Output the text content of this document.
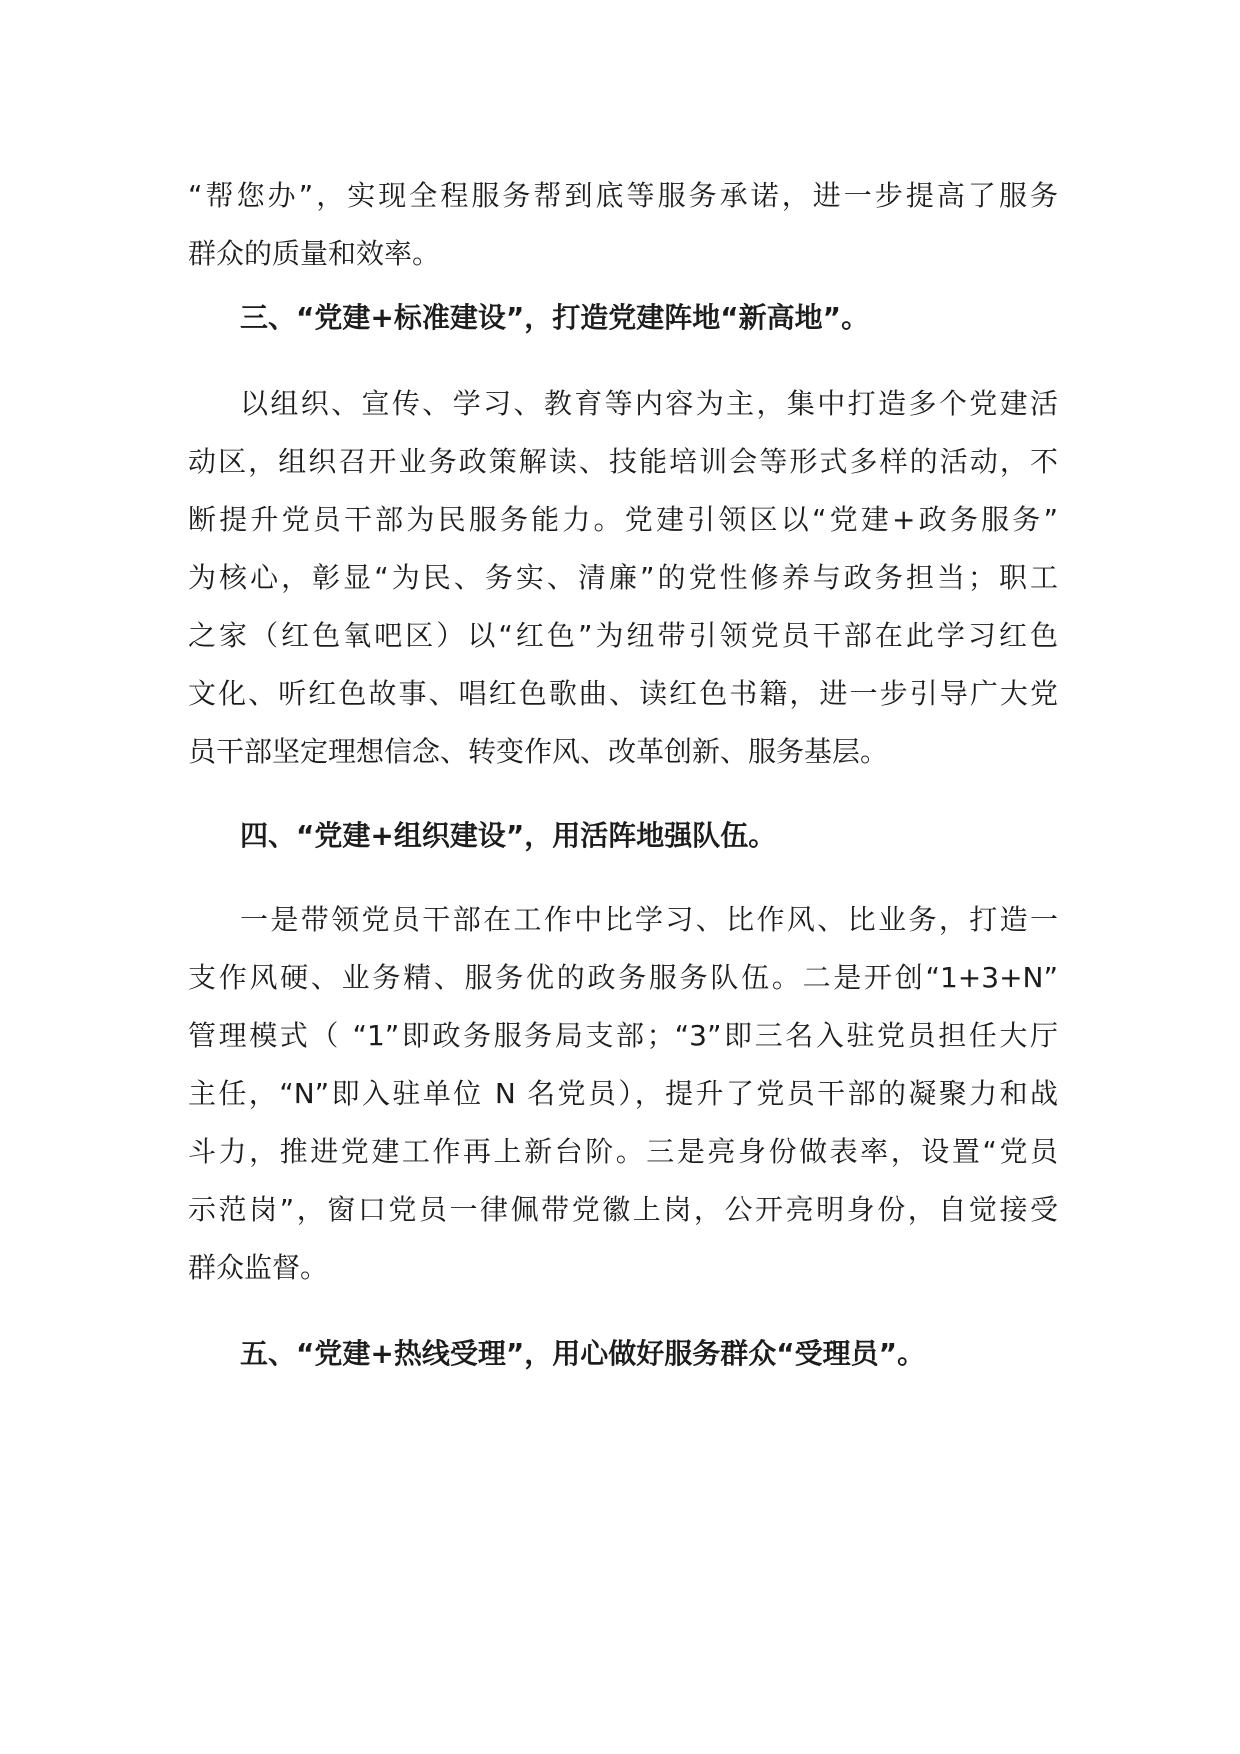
“帮您办”，实现全程服务帮到底等服务承诺，进一步提高了服务
群众的质量和效率。
三、“党建+标准建设”，打造党建阵地“新高地”。
以组织、宣传、学习、教育等内容为主，集中打造多个党建活
动区，组织召开业务政策解读、技能培训会等形式多样的活动，不
断提升党员干部为民服务能力。党建引领区以“党建+政务服务”
为核心，彰显“为民、务实、清廉”的党性修养与政务担当；职工
之家（红色氧吧区）以“红色”为纽带引领党员干部在此学习红色
文化、听红色故事、唱红色歌曲、读红色书籍，进一步引导广大党
员干部坚定理想信念、转变作风、改革创新、服务基层。
四、“党建+组织建设”，用活阵地强队伍。
一是带领党员干部在工作中比学习、比作风、比业务，打造一
支作风硬、业务精、服务优的政务服务队伍。二是开创“1+3+N”
管理模式（ “1”即政务服务局支部；“3”即三名入驻党员担任大厅
主任，“N”即入驻单位 N 名党员），提升了党员干部的凝聚力和战
斗力，推进党建工作再上新台阶。三是亮身份做表率，设置“党员
示范岗”，窗口党员一律佩带党徽上岗，公开亮明身份，自觉接受
群众监督。
五、“党建+热线受理”，用心做好服务群众“受理员”。
